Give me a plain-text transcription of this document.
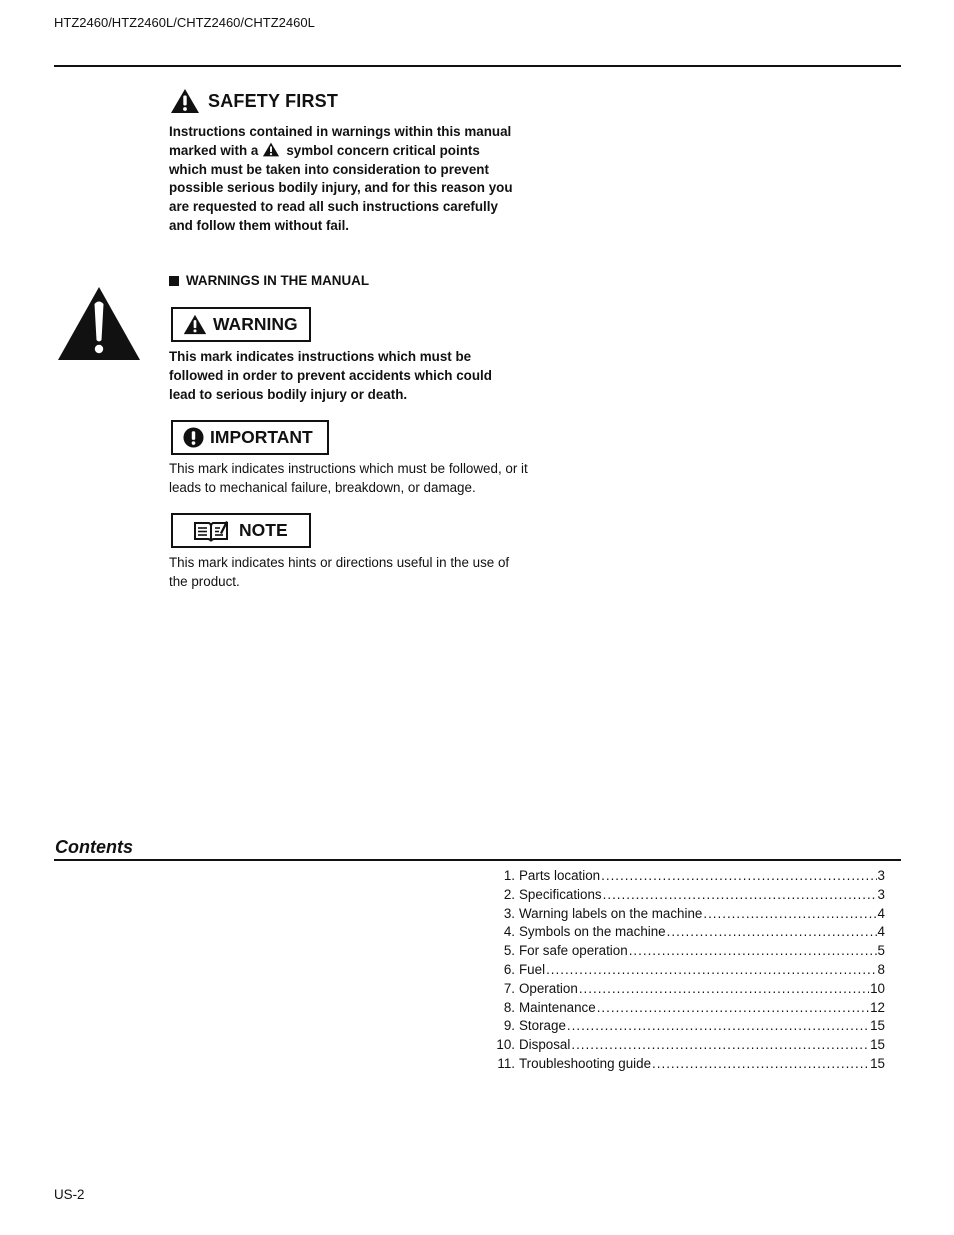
HTZ2460/HTZ2460L/CHTZ2460/CHTZ2460L
SAFETY FIRST
Instructions contained in warnings within this manual marked with a symbol concern critical points which must be taken into consideration to prevent possible serious bodily injury, and for this reason you are requested to read all such instructions carefully and follow them without fail.
WARNINGS IN THE MANUAL
WARNING
This mark indicates instructions which must be followed in order to prevent accidents which could lead to serious bodily injury or death.
IMPORTANT
This mark indicates instructions which must be followed, or it leads to mechanical failure, breakdown, or damage.
NOTE
This mark indicates hints or directions useful in the use of the product.
Contents
1. Parts location .....	3
2. Specifications .....	3
3. Warning labels on the machine .....	4
4. Symbols on the machine .....	4
5. For safe operation .....	5
6. Fuel .....	8
7. Operation .....	10
8. Maintenance .....	12
9. Storage .....	15
10. Disposal .....	15
11. Troubleshooting guide .....	15
US-2
